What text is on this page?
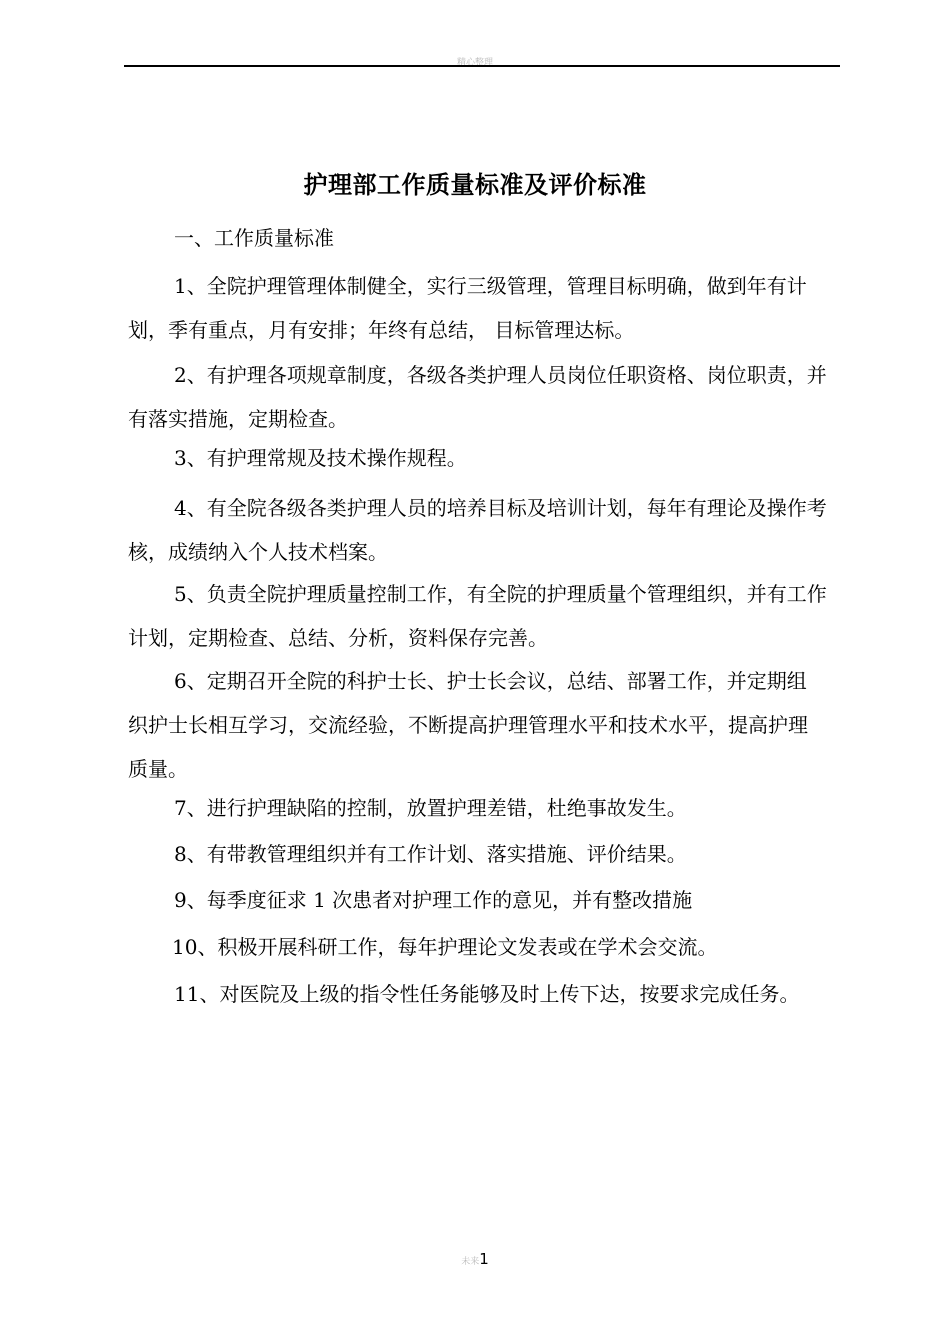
精心整理
护理部工作质量标准及评价标准
一、工作质量标准

1、全院护理管理体制健全，实行三级管理，管理目标明确，做到年有计划，季有重点，月有安排；年终有总结， 目标管理达标。

2、有护理各项规章制度，各级各类护理人员岗位任职资格、岗位职责，并有落实措施，定期检查。

3、有护理常规及技术操作规程。

4、有全院各级各类护理人员的培养目标及培训计划，每年有理论及操作考核，成绩纳入个人技术档案。

5、负责全院护理质量控制工作，有全院的护理质量个管理组织，并有工作计划，定期检查、总结、分析，资料保存完善。

6、定期召开全院的科护士长、护士长会议，总结、部署工作，并定期组织护士长相互学习，交流经验，不断提高护理管理水平和技术水平，提高护理质量。

7、进行护理缺陷的控制，放置护理差错，杜绝事故发生。

8、有带教管理组织并有工作计划、落实措施、评价结果。

9、每季度征求 1 次患者对护理工作的意见，并有整改措施

10、积极开展科研工作，每年护理论文发表或在学术会交流。

11、对医院及上级的指令性任务能够及时上传下达，按要求完成任务。

未来1
